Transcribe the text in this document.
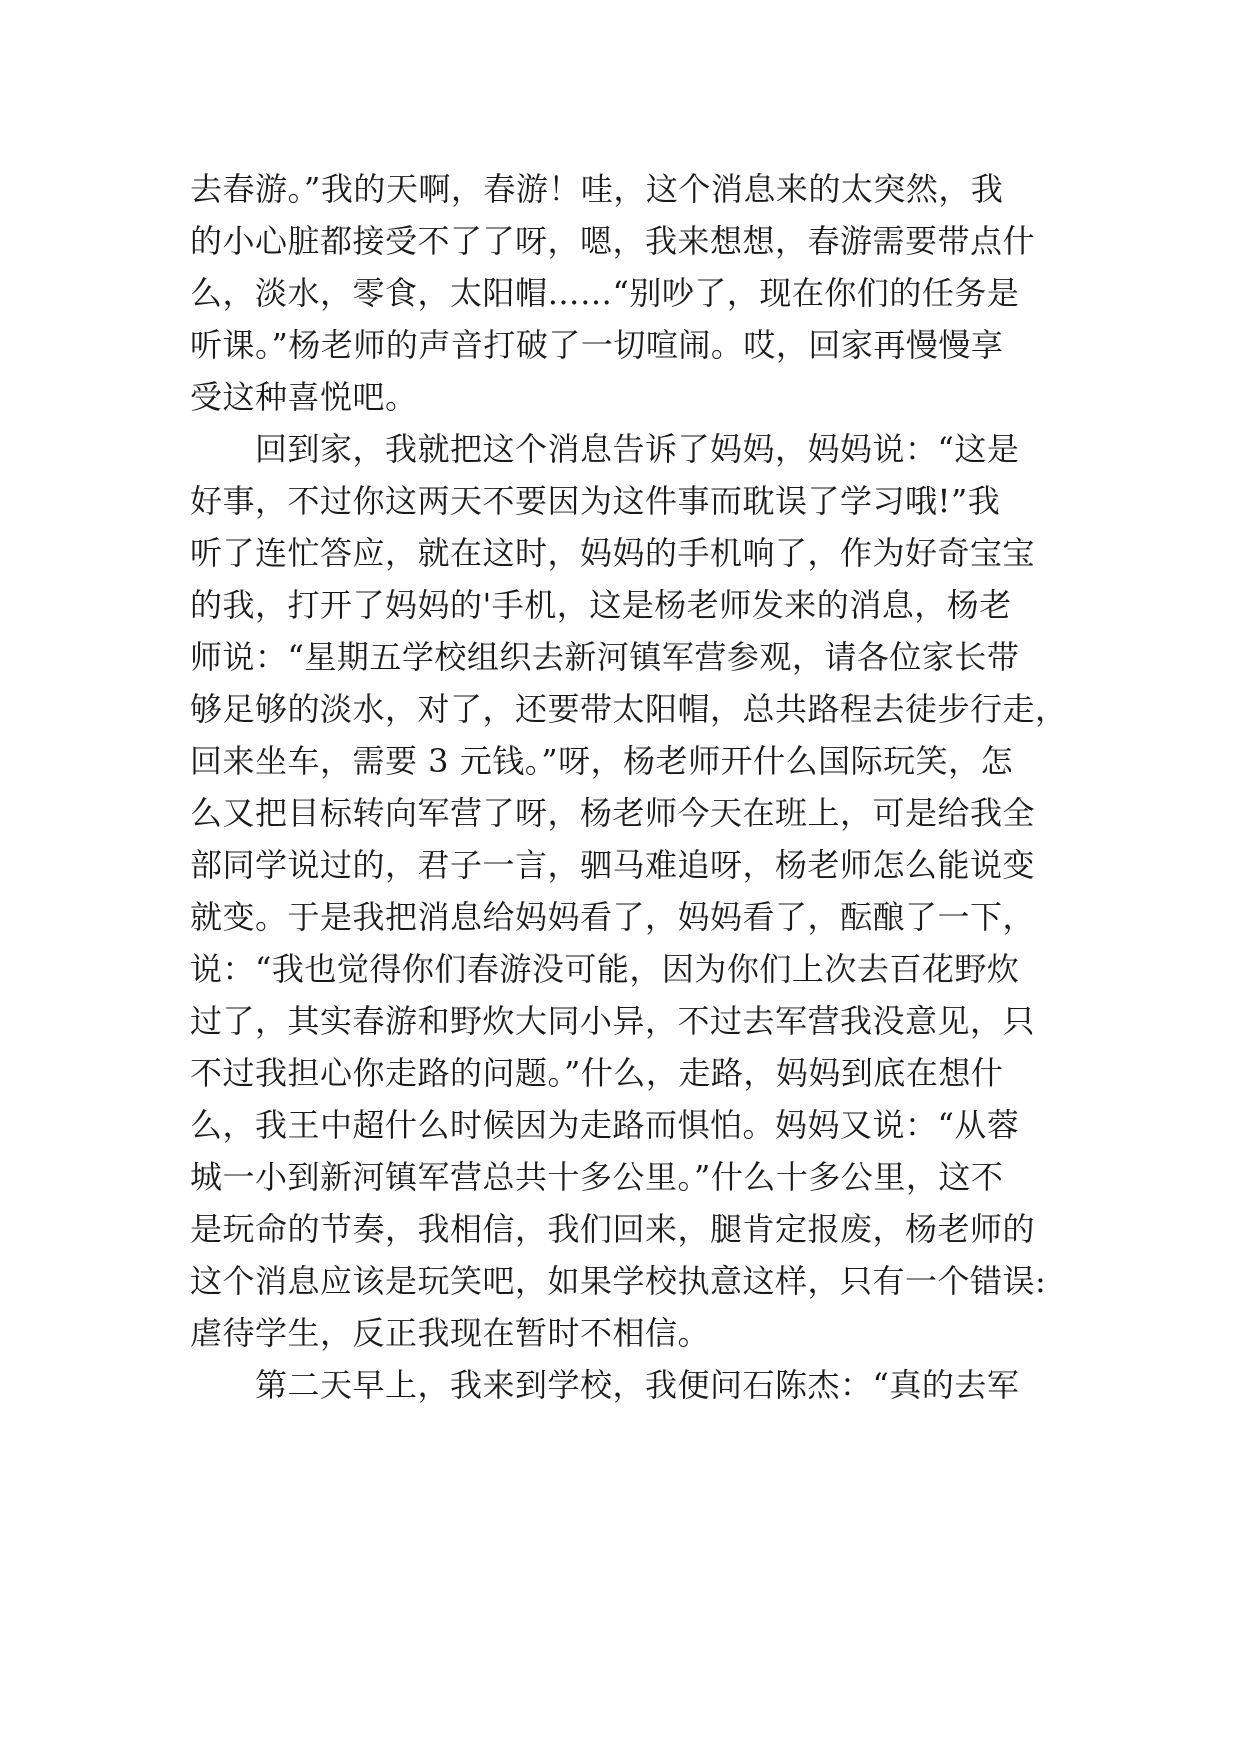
去春游。”我的天啊，春游！哇，这个消息来的太突然，我
的小心脏都接受不了了呀，嗯，我来想想，春游需要带点什
么，淡水，零食，太阳帽……“别吵了，现在你们的任务是
听课。”杨老师的声音打破了一切喧闹。哎，回家再慢慢享
受这种喜悦吧。
　　回到家，我就把这个消息告诉了妈妈，妈妈说：“这是
好事，不过你这两天不要因为这件事而耽误了学习哦!”我
听了连忙答应，就在这时，妈妈的手机响了，作为好奇宝宝
的我，打开了妈妈的'手机，这是杨老师发来的消息，杨老
师说：“星期五学校组织去新河镇军营参观，请各位家长带
够足够的淡水，对了，还要带太阳帽，总共路程去徒步行走，
回来坐车，需要 3 元钱。”呀，杨老师开什么国际玩笑，怎
么又把目标转向军营了呀，杨老师今天在班上，可是给我全
部同学说过的，君子一言，驷马难追呀，杨老师怎么能说变
就变。于是我把消息给妈妈看了，妈妈看了，酝酿了一下，
说：“我也觉得你们春游没可能，因为你们上次去百花野炊
过了，其实春游和野炊大同小异，不过去军营我没意见，只
不过我担心你走路的问题。”什么，走路，妈妈到底在想什
么，我王中超什么时候因为走路而惧怕。妈妈又说：“从蓉
城一小到新河镇军营总共十多公里。”什么十多公里，这不
是玩命的节奏，我相信，我们回来，腿肯定报废，杨老师的
这个消息应该是玩笑吧，如果学校执意这样，只有一个错误:
虐待学生，反正我现在暂时不相信。
　　第二天早上，我来到学校，我便问石陈杰：“真的去军
